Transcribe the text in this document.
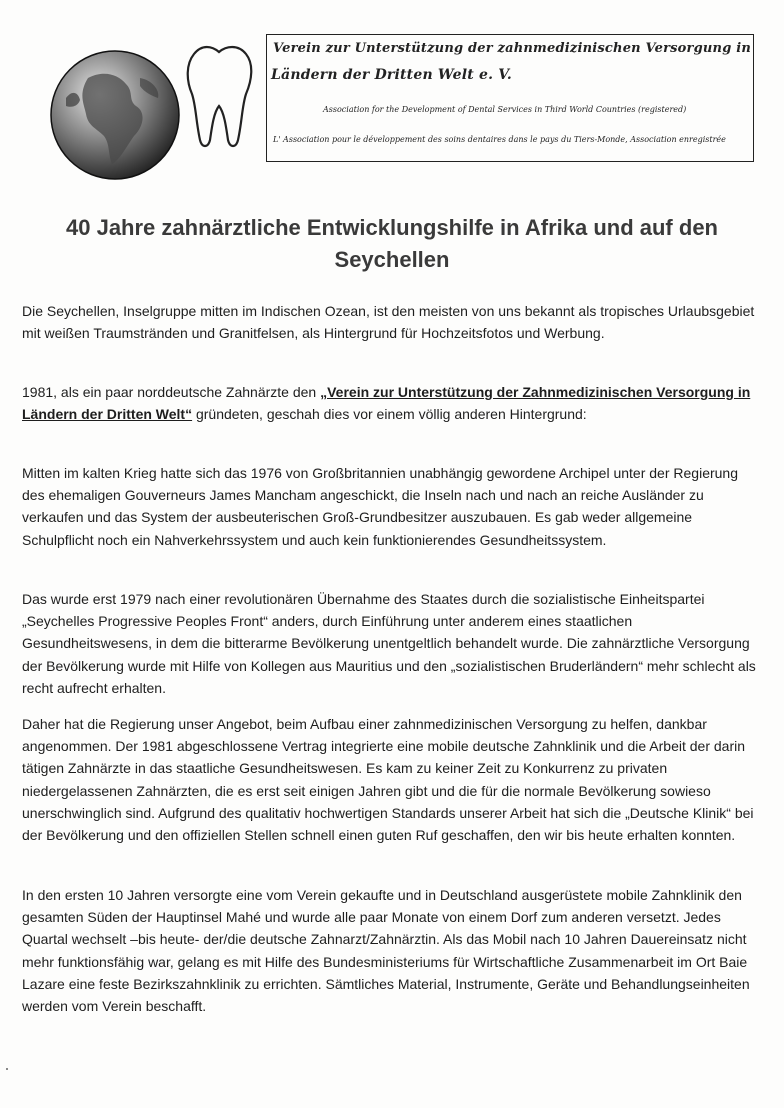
Verein zur Unterstützung der zahnmedizinischen Versorgung in
Ländern der Dritten Welt e. V.
Association for the Development of Dental Services in Third World Countries (registered)
L' Association pour le développement des soins dentaires dans le pays du Tiers-Monde, Association enregistrée
40 Jahre zahnärztliche Entwicklungshilfe in Afrika und auf den Seychellen

Die Seychellen, Inselgruppe mitten im Indischen Ozean, ist den meisten von uns bekannt als tropisches Urlaubsgebiet mit weißen Traumstränden und Granitfelsen, als Hintergrund für Hochzeitsfotos und Werbung.

1981, als ein paar norddeutsche Zahnärzte den „Verein zur Unterstützung der Zahnmedizinischen Versorgung in Ländern der Dritten Welt“ gründeten, geschah dies vor einem völlig anderen Hintergrund:

Mitten im kalten Krieg hatte sich das 1976 von Großbritannien unabhängig gewordene Archipel unter der Regierung des ehemaligen Gouverneurs James Mancham angeschickt, die Inseln nach und nach an reiche Ausländer zu verkaufen und das System der ausbeuterischen Groß-Grundbesitzer auszubauen. Es gab weder allgemeine Schulpflicht noch ein Nahverkehrssystem und auch kein funktionierendes Gesundheitssystem.

Das wurde erst 1979 nach einer revolutionären Übernahme des Staates durch die sozialistische Einheitspartei „Seychelles Progressive Peoples Front“ anders, durch Einführung unter anderem eines staatlichen Gesundheitswesens, in dem die bitterarme Bevölkerung unentgeltlich behandelt wurde. Die zahnärztliche Versorgung der Bevölkerung wurde mit Hilfe von Kollegen aus Mauritius und den „sozialistischen Bruderländern“ mehr schlecht als recht aufrecht erhalten.

Daher hat die Regierung unser Angebot, beim Aufbau einer zahnmedizinischen Versorgung zu helfen, dankbar angenommen. Der 1981 abgeschlossene Vertrag integrierte eine mobile deutsche Zahnklinik und die Arbeit der darin tätigen Zahnärzte in das staatliche Gesundheitswesen. Es kam zu keiner Zeit zu Konkurrenz zu privaten niedergelassenen Zahnärzten, die es erst seit einigen Jahren gibt und die für die normale Bevölkerung sowieso unerschwinglich sind. Aufgrund des qualitativ hochwertigen Standards unserer Arbeit hat sich die „Deutsche Klinik“ bei der Bevölkerung und den offiziellen Stellen schnell einen guten Ruf geschaffen, den wir bis heute erhalten konnten.

In den ersten 10 Jahren versorgte eine vom Verein gekaufte und in Deutschland ausgerüstete mobile Zahnklinik den gesamten Süden der Hauptinsel Mahé und wurde alle paar Monate von einem Dorf zum anderen versetzt. Jedes Quartal wechselt –bis heute- der/die deutsche Zahnarzt/Zahnärztin. Als das Mobil nach 10 Jahren Dauereinsatz nicht mehr funktionsfähig war, gelang es mit Hilfe des Bundesministeriums für Wirtschaftliche Zusammenarbeit im Ort Baie Lazare eine feste Bezirkszahnklinik zu errichten. Sämtliches Material, Instrumente, Geräte und Behandlungseinheiten werden vom Verein beschafft.
